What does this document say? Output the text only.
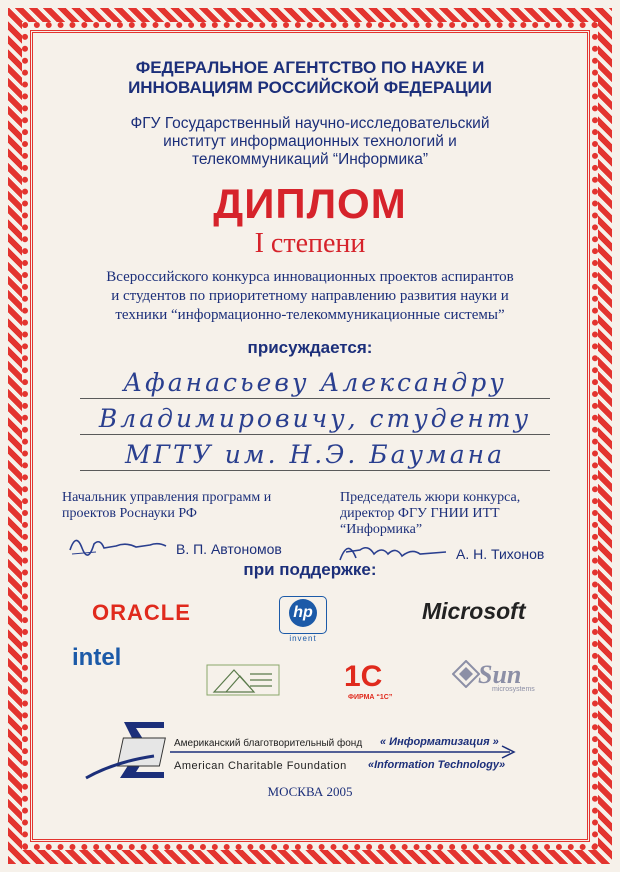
ФЕДЕРАЛЬНОЕ АГЕНТСТВО ПО НАУКЕ И
ИННОВАЦИЯМ РОССИЙСКОЙ ФЕДЕРАЦИИ
ФГУ Государственный научно-исследовательский
институт информационных технологий и
телекоммуникаций “Информика”
ДИПЛОМ
I степени
Всероссийского конкурса инновационных проектов аспирантов
и студентов по приоритетному направлению развития науки и
техники “информационно-телекоммуникационные системы”
присуждается:
Афанасьеву Александру
Владимировичу, студенту
МГТУ им. Н.Э. Баумана
Начальник управления программ и
проектов Роснауки РФ
Председатель жюри конкурса,
директор ФГУ ГНИИ ИТТ
“Информика”
В. П. Автономов	А. Н. Тихонов
при поддержке:
ORACLE	hp
invent
Microsoft
intel
1С
ФИРМА “1С”
Sun
microsystems
Американский благотворительный фонд « Информатизация »
American Charitable Foundation «Information Technology»
МОСКВА 2005
